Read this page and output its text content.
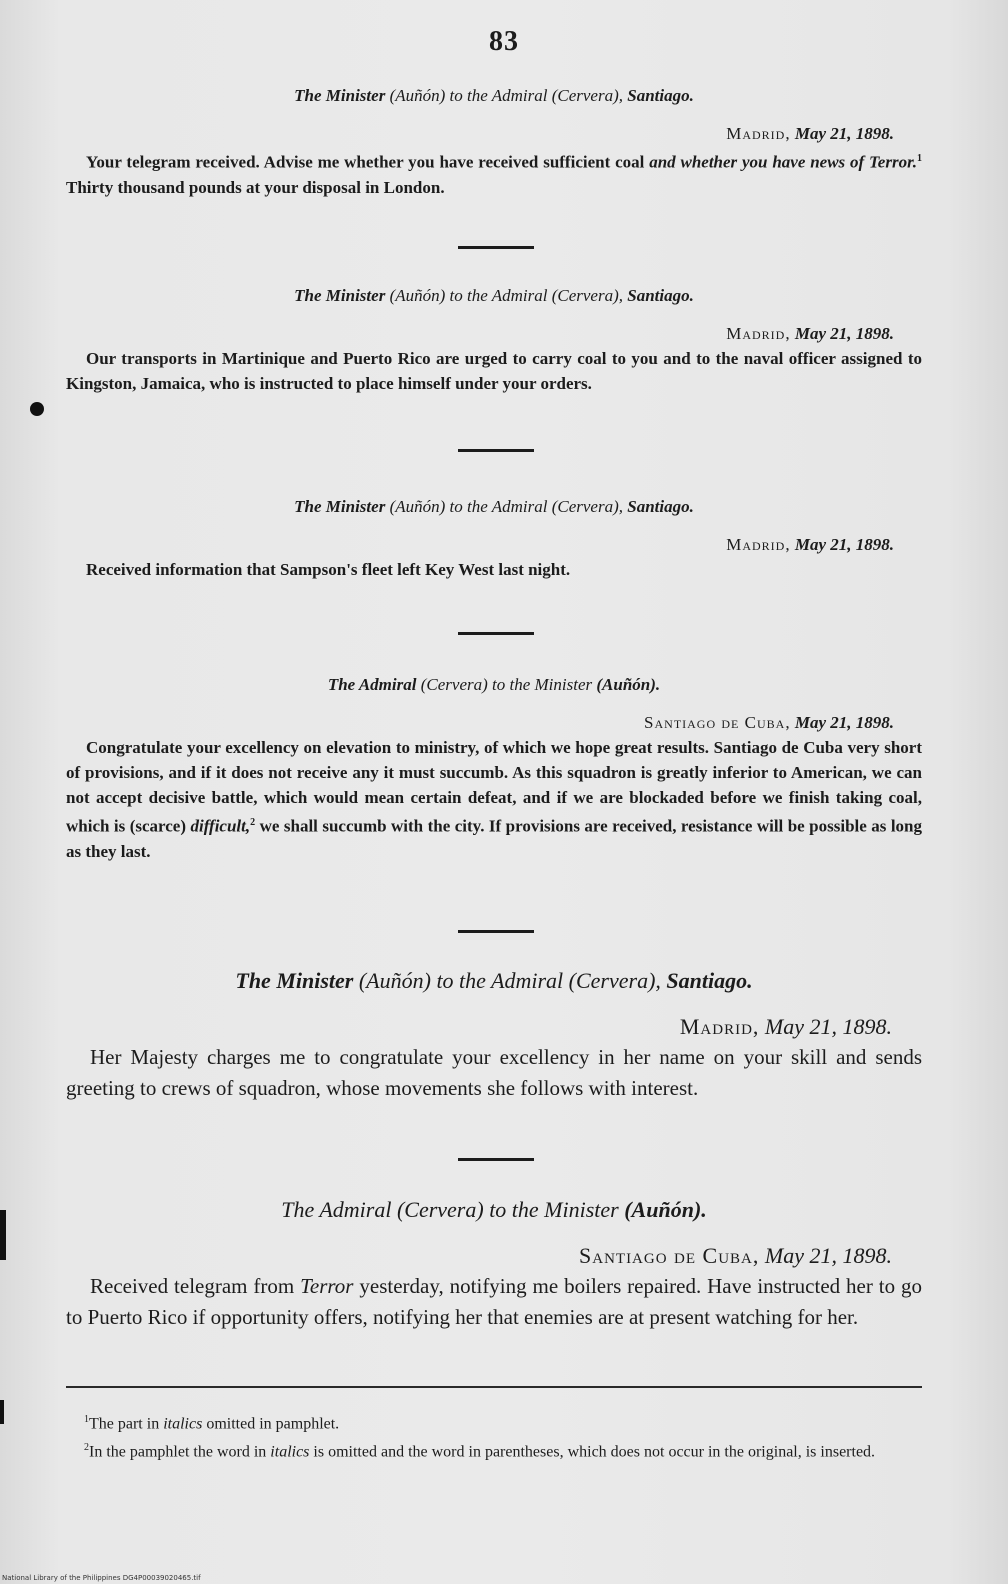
83
The Minister (Auñón) to the Admiral (Cervera), Santiago.
Madrid, May 21, 1898.

Your telegram received. Advise me whether you have received sufficient coal and whether you have news of Terror.$^1$ Thirty thousand pounds at your disposal in London.

The Minister (Auñón) to the Admiral (Cervera), Santiago.
Madrid, May 21, 1898.

Our transports in Martinique and Puerto Rico are urged to carry coal to you and to the naval officer assigned to Kingston, Jamaica, who is instructed to place himself under your orders.

The Minister (Auñón) to the Admiral (Cervera), Santiago.
Madrid, May 21, 1898.

Received information that Sampson's fleet left Key West last night.

The Admiral (Cervera) to the Minister (Auñón).
Santiago de Cuba, May 21, 1898.

Congratulate your excellency on elevation to ministry, of which we hope great results. Santiago de Cuba very short of provisions, and if it does not receive any it must succumb. As this squadron is greatly inferior to American, we can not accept decisive battle, which would mean certain defeat, and if we are blockaded before we finish taking coal, which is (scarce) difficult,$^2$ we shall succumb with the city. If provisions are received, resistance will be possible as long as they last.

The Minister (Auñón) to the Admiral (Cervera), Santiago.
Madrid, May 21, 1898.

Her Majesty charges me to congratulate your excellency in her name on your skill and sends greeting to crews of squadron, whose movements she follows with interest.

The Admiral (Cervera) to the Minister (Auñón).
Santiago de Cuba, May 21, 1898.

Received telegram from Terror yesterday, notifying me boilers repaired. Have instructed her to go to Puerto Rico if opportunity offers, notifying her that enemies are at present watching for her.

$^1$The part in italics omitted in pamphlet.

$^2$In the pamphlet the word in italics is omitted and the word in parentheses, which does not occur in the original, is inserted.

National Library of the Philippines DG4P00039020465.tif
